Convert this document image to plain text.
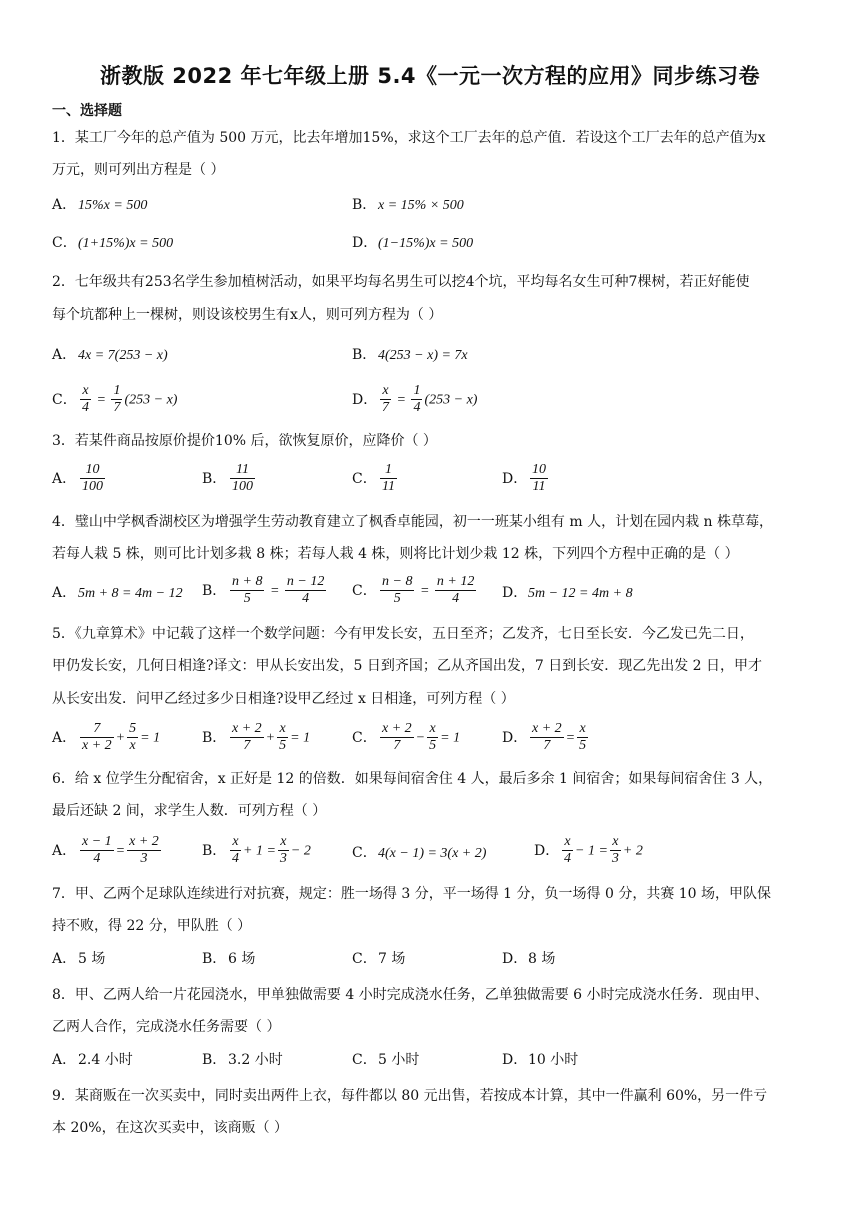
浙教版 2022 年七年级上册 5.4《一元一次方程的应用》同步练习卷
一、选择题
1．某工厂今年的总产值为 500 万元，比去年增加15%，求这个工厂去年的总产值．若设这个工厂去年的总产值为x
万元，则可列出方程是（ ）
A． 15%x = 500	B． x = 15% × 500
C．(1+15%)x = 500	D．(1−15%)x = 500
2．七年级共有253名学生参加植树活动，如果平均每名男生可以挖4个坑，平均每名女生可种7棵树，若正好能使
每个坑都种上一棵树，则设该校男生有x人，则可列方程为（ ）
A． 4x = 7(253 − x)	B． 4(253 − x) = 7x
C． $\frac{x}{4} = \frac{1}{7} (253 - x)$	D． $\frac{x}{7} = \frac{1}{4} (253 - x)$
3．若某件商品按原价提价10% 后，欲恢复原价，应降价（ ）
A． $\frac{10}{100}$	B． $\frac{11}{100}$	C． $\frac{1}{11}$	D． $\frac{10}{11}$
4．璧山中学枫香湖校区为增强学生劳动教育建立了枫香卓能园，初一一班某小组有 m 人，计划在园内栽 n 株草莓，
若每人栽 5 株，则可比计划多栽 8 株；若每人栽 4 株，则将比计划少栽 12 株，下列四个方程中正确的是（ ）
A． 5m + 8 = 4m − 12 B． $\frac{n + 8}{5} = \frac{n - 12}{4}$ C． $\frac{n - 8}{5} = \frac{n + 12}{4}$ D．5m − 12 = 4m + 8
5．《九章算术》中记载了这样一个数学问题：今有甲发长安，五日至齐；乙发齐，七日至长安．今乙发已先二日，
甲仍发长安，几何日相逢?译文：甲从长安出发，5 日到齐国；乙从齐国出发，7 日到长安．现乙先出发 2 日，甲才
从长安出发．问甲乙经过多少日相逢?设甲乙经过 x 日相逢，可列方程（ ）
A． $\frac{7}{x + 2} + \frac{5}{x} = 1$	B． $\frac{x + 2}{7} + \frac{x}{5} = 1$	C． $\frac{x + 2}{7} - \frac{x}{5} = 1$	D． $\frac{x + 2}{7} = \frac{x}{5}$
6．给 x 位学生分配宿舍，x 正好是 12 的倍数．如果每间宿舍住 4 人，最后多余 1 间宿舍；如果每间宿舍住 3 人，
最后还缺 2 间，求学生人数．可列方程（ ）
A． $\frac{x - 1}{4} = \frac{x + 2}{3}$	B． $\frac{x}{4} + 1 = \frac{x}{3} - 2$	C．4(x − 1) = 3(x + 2)	D． $\frac{x}{4} - 1 = \frac{x}{3} + 2$
7．甲、乙两个足球队连续进行对抗赛，规定：胜一场得 3 分，平一场得 1 分，负一场得 0 分，共赛 10 场，甲队保
持不败，得 22 分，甲队胜（ ）
A． 5 场	B． 6 场	C．7 场	D．8 场
8．甲、乙两人给一片花园浇水，甲单独做需要 4 小时完成浇水任务，乙单独做需要 6 小时完成浇水任务．现由甲、
乙两人合作，完成浇水任务需要（ ）
A． 2.4 小时	B． 3.2 小时	C．5 小时	D．10 小时
9．某商贩在一次买卖中，同时卖出两件上衣，每件都以 80 元出售，若按成本计算，其中一件赢利 60%，另一件亏
本 20%，在这次买卖中，该商贩（ ）
